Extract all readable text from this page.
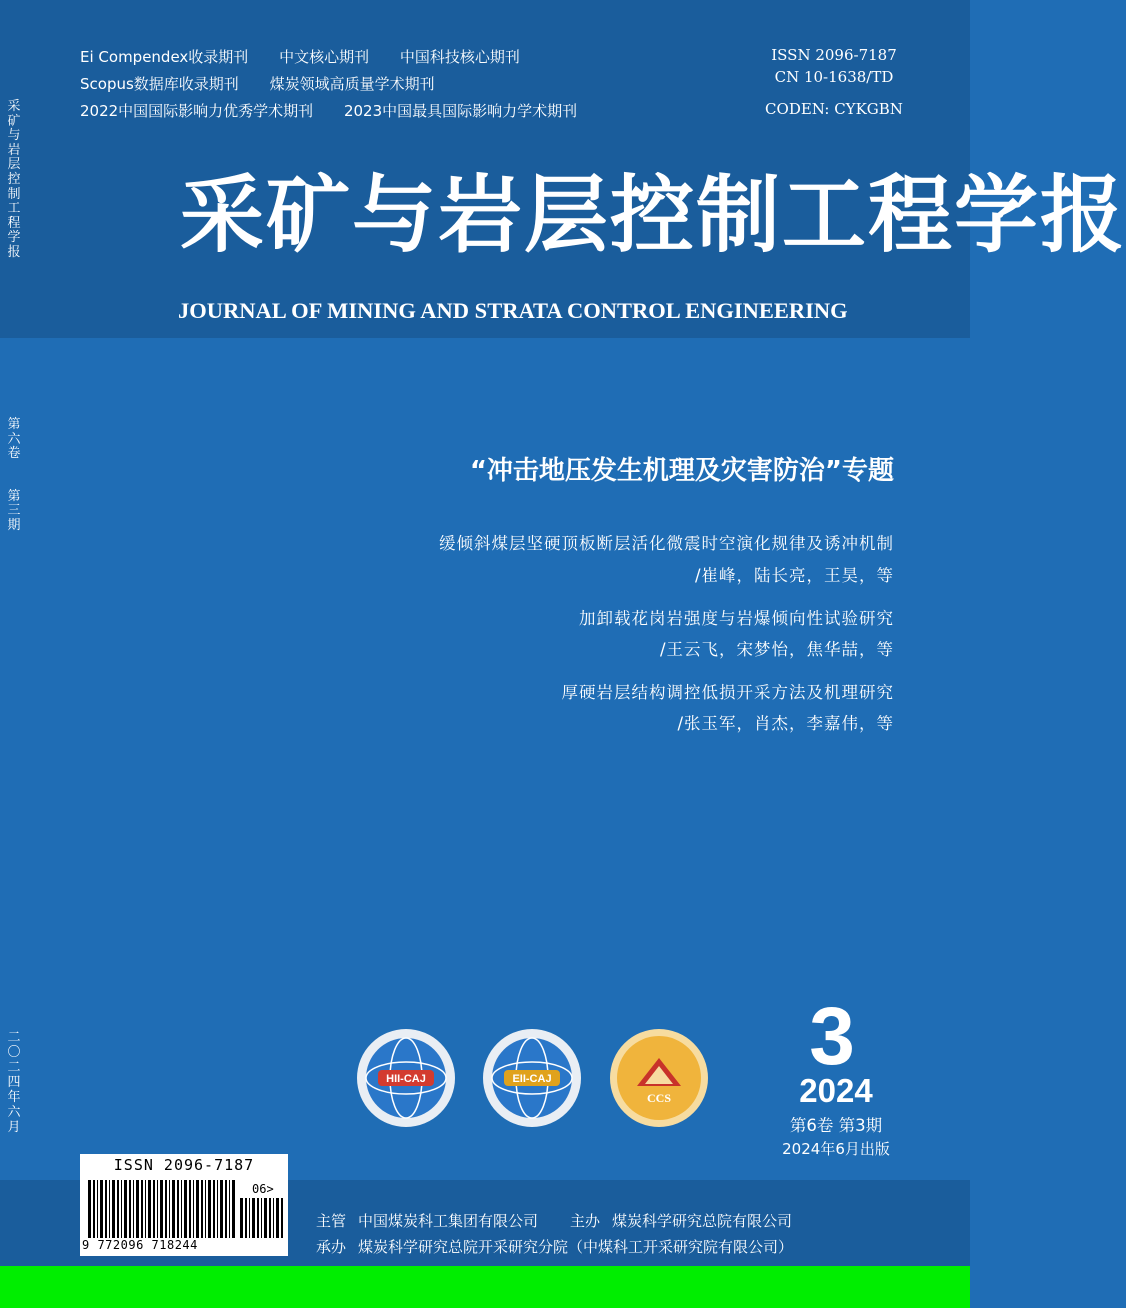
Ei Compendex收录期刊 中文核心期刊 中国科技核心期刊
Scopus数据库收录期刊 煤炭领域高质量学术期刊
2022中国国际影响力优秀学术期刊 2023中国最具国际影响力学术期刊
ISSN 2096-7187
CN 10-1638/TD
CODEN: CYKGBN
采
矿
与
岩
层
控
制
工
程
学
报
第
六
卷
第
三
期
二
〇
二
四
年
六
月
采矿与岩层控制工程学报
JOURNAL OF MINING AND STRATA CONTROL ENGINEERING
“冲击地压发生机理及灾害防治”专题
缓倾斜煤层坚硬顶板断层活化微震时空演化规律及诱冲机制
/崔峰，陆长亮，王昊，等
加卸载花岗岩强度与岩爆倾向性试验研究
/王云飞，宋梦怡，焦华喆，等
厚硬岩层结构调控低损开采方法及机理研究
/张玉军，肖杰，李嘉伟，等
HII-CAJ	EII-CAJ
CCS
3
2024
第6卷 第3期
2024年6月出版
ISSN 2096-7187
06>
9 772096 718244
主管 中国煤炭科工集团有限公司 主办 煤炭科学研究总院有限公司
承办 煤炭科学研究总院开采研究分院（中煤科工开采研究院有限公司）
